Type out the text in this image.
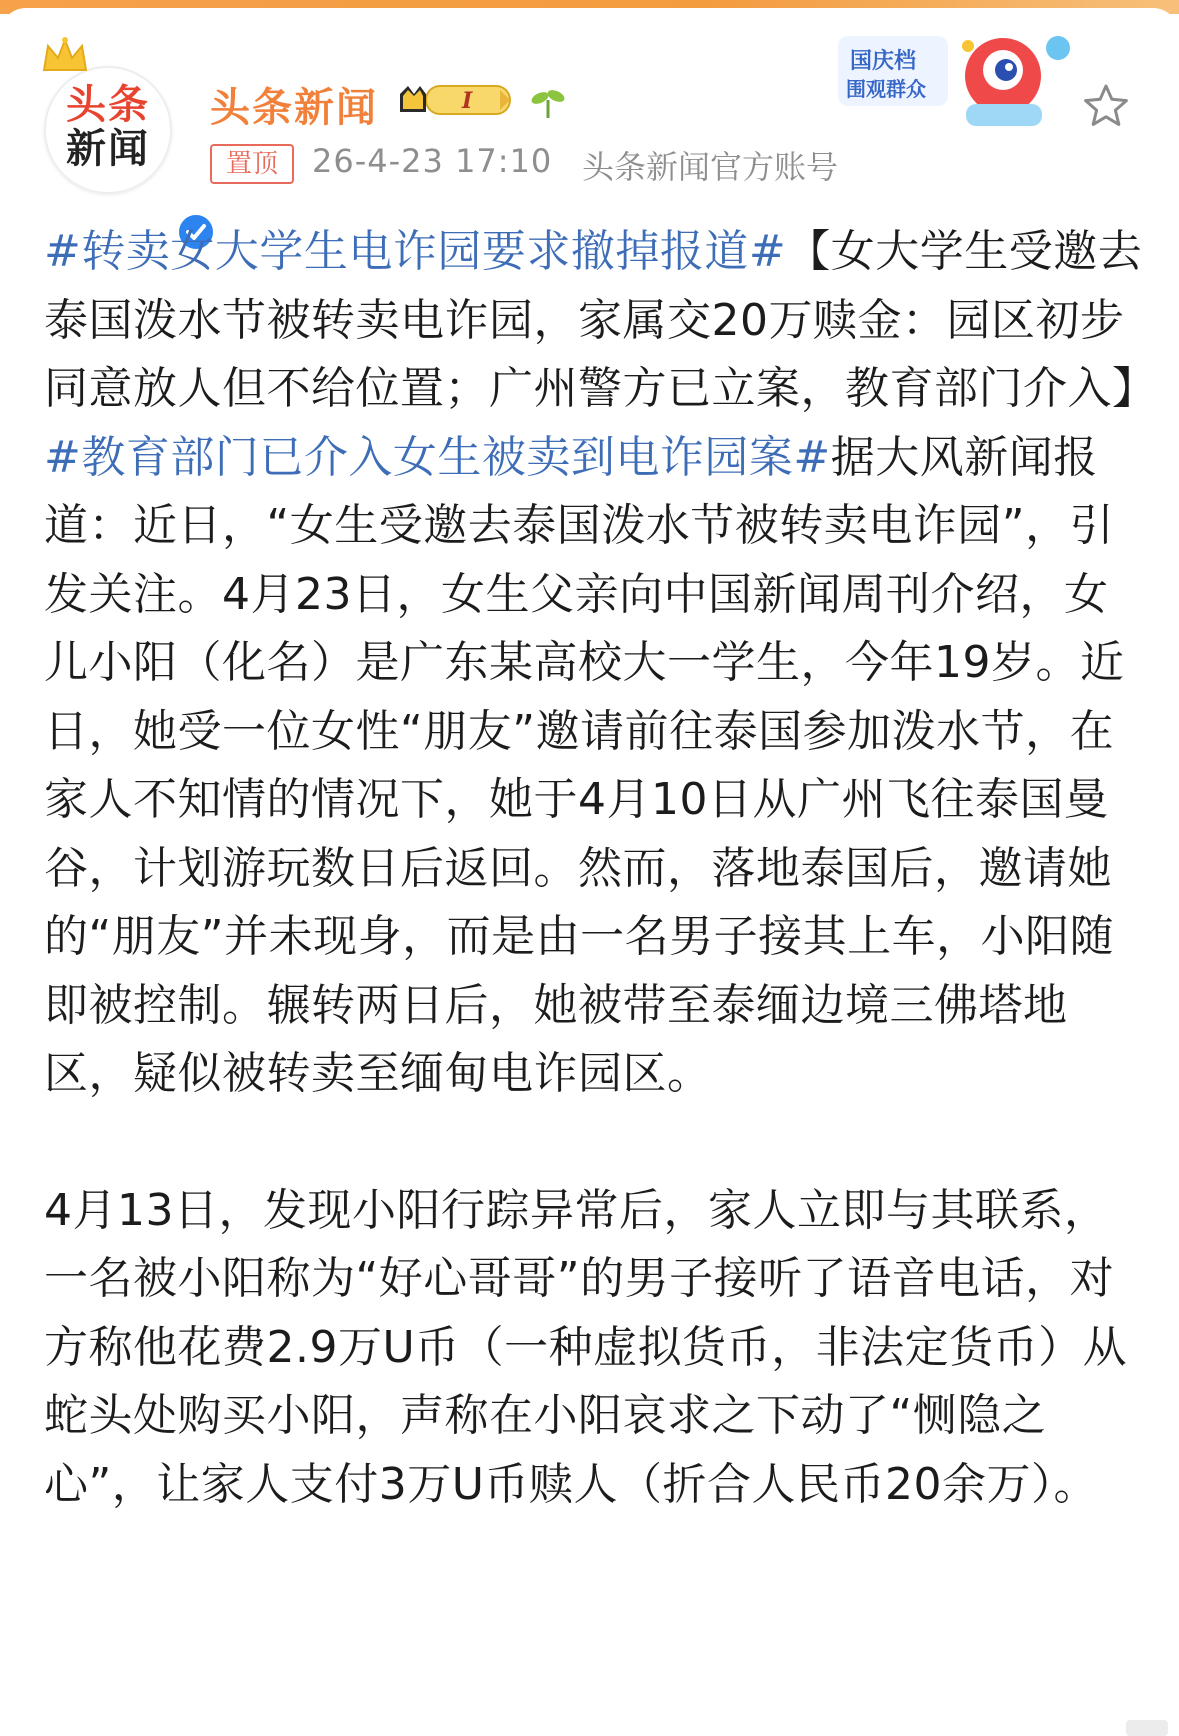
头条
新闻
头条新闻	I
置顶	26-4-23 17:10 头条新闻官方账号
国庆档
围观群众

#转卖女大学生电诈园要求撤掉报道#【女大学生受邀去泰国泼水节被转卖电诈园，家属交20万赎金：园区初步同意放人但不给位置；广州警方已立案，教育部门介入】#教育部门已介入女生被卖到电诈园案#据大风新闻报道：近日，“女生受邀去泰国泼水节被转卖电诈园”，引发关注。4月23日，女生父亲向中国新闻周刊介绍，女儿小阳（化名）是广东某高校大一学生，今年19岁。近日，她受一位女性“朋友”邀请前往泰国参加泼水节，在家人不知情的情况下，她于4月10日从广州飞往泰国曼谷，计划游玩数日后返回。然而，落地泰国后，邀请她的“朋友”并未现身，而是由一名男子接其上车，小阳随即被控制。辗转两日后，她被带至泰缅边境三佛塔地区，疑似被转卖至缅甸电诈园区。

4月13日，发现小阳行踪异常后，家人立即与其联系，一名被小阳称为“好心哥哥”的男子接听了语音电话，对方称他花费2.9万U币（一种虚拟货币，非法定货币）从蛇头处购买小阳，声称在小阳哀求之下动了“恻隐之心”，让家人支付3万U币赎人（折合人民币20余万）。
